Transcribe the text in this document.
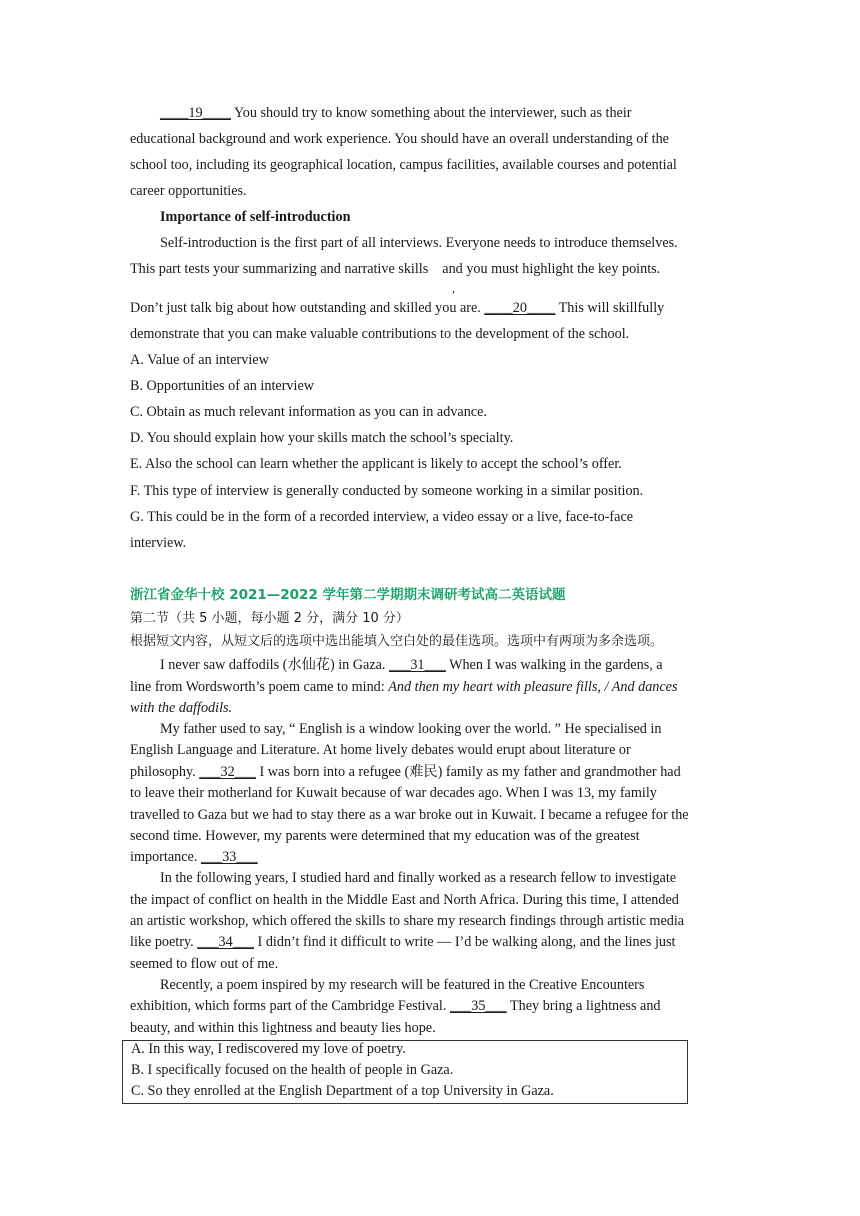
____19____ You should try to know something about the interviewer, such as their
educational background and work experience. You should have an overall understanding of the
school too, including its geographical location, campus facilities, available courses and potential
career opportunities.
Importance of self-introduction
Self-introduction is the first part of all interviews. Everyone needs to introduce themselves.
This part tests your summarizing and narrative skills and you must highlight the key points.
,
Don’t just talk big about how outstanding and skilled you are. ____20____ This will skillfully
demonstrate that you can make valuable contributions to the development of the school.
A. Value of an interview
B. Opportunities of an interview
C. Obtain as much relevant information as you can in advance.
D. You should explain how your skills match the school’s specialty.
E. Also the school can learn whether the applicant is likely to accept the school’s offer.
F. This type of interview is generally conducted by someone working in a similar position.
G. This could be in the form of a recorded interview, a video essay or a live, face-to-face
interview.
浙江省金华十校 2021—2022 学年第二学期期末调研考试高二英语试题
第二节（共 5 小题，每小题 2 分，满分 10 分）
根据短文内容，从短文后的选项中选出能填入空白处的最佳选项。选项中有两项为多余选项。
I never saw daffodils (水仙花) in Gaza. ___31___ When I was walking in the gardens, a
line from Wordsworth’s poem came to mind: And then my heart with pleasure fills, / And dances
with the daffodils.
My father used to say, “ English is a window looking over the world. ” He specialised in
English Language and Literature. At home lively debates would erupt about literature or
philosophy. ___32___ I was born into a refugee (难民) family as my father and grandmother had
to leave their motherland for Kuwait because of war decades ago. When I was 13, my family
travelled to Gaza but we had to stay there as a war broke out in Kuwait. I became a refugee for the
second time. However, my parents were determined that my education was of the greatest
importance. ___33___
In the following years, I studied hard and finally worked as a research fellow to investigate
the impact of conflict on health in the Middle East and North Africa. During this time, I attended
an artistic workshop, which offered the skills to share my research findings through artistic media
like poetry. ___34___ I didn’t find it difficult to write — I’d be walking along, and the lines just
seemed to flow out of me.
Recently, a poem inspired by my research will be featured in the Creative Encounters
exhibition, which forms part of the Cambridge Festival. ___35___ They bring a lightness and
beauty, and within this lightness and beauty lies hope.
A. In this way, I rediscovered my love of poetry.
B. I specifically focused on the health of people in Gaza.
C. So they enrolled at the English Department of a top University in Gaza.
